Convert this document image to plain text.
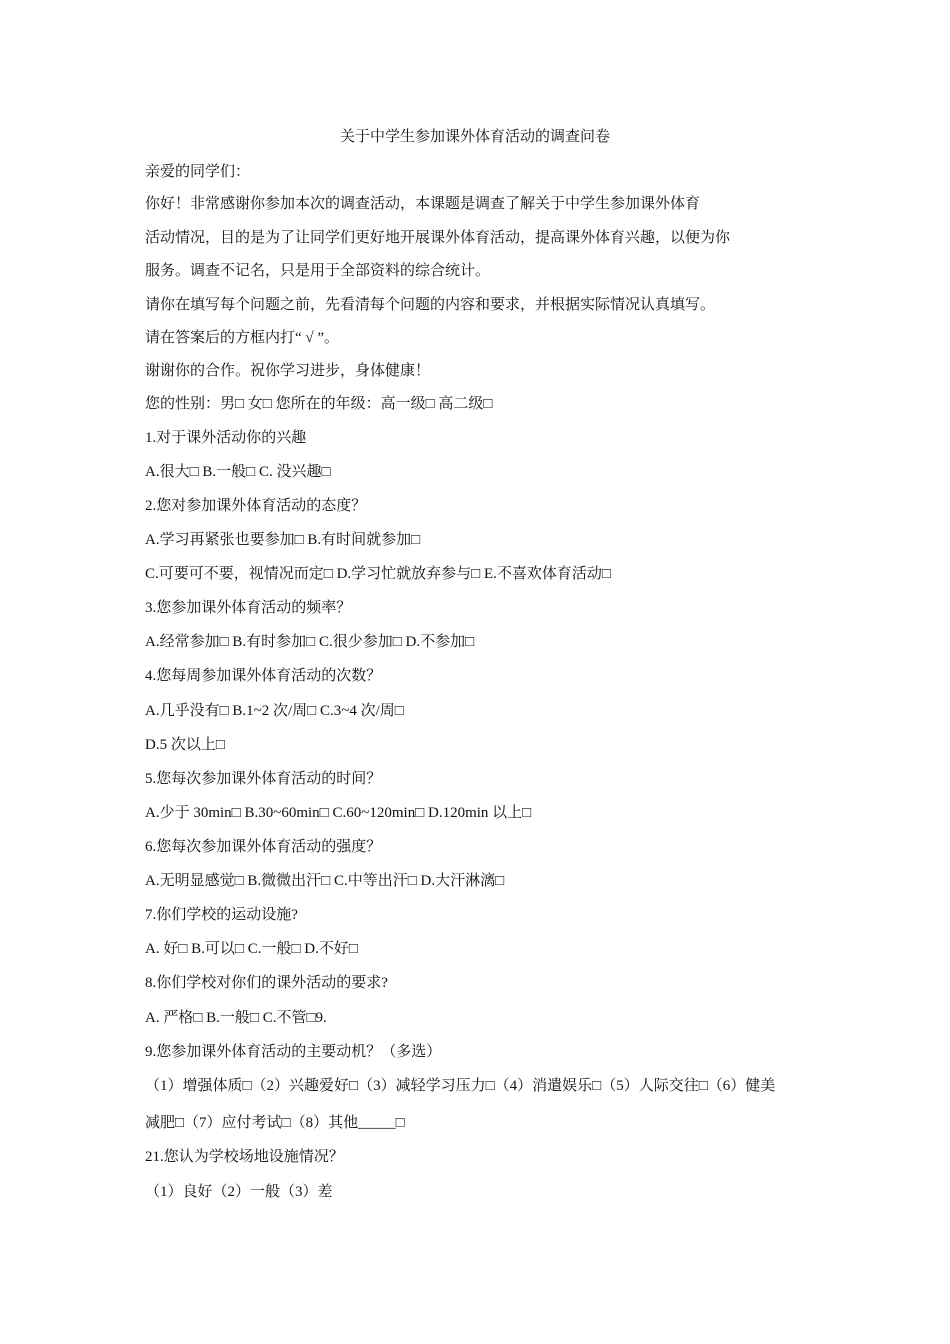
关于中学生参加课外体育活动的调查问卷
亲爱的同学们：
你好！非常感谢你参加本次的调查活动，本课题是调查了解关于中学生参加课外体育
活动情况，目的是为了让同学们更好地开展课外体育活动，提高课外体育兴趣，以便为你
服务。调查不记名，只是用于全部资料的综合统计。
请你在填写每个问题之前，先看清每个问题的内容和要求，并根据实际情况认真填写。
请在答案后的方框内打“ √ ”。
谢谢你的合作。祝你学习进步，身体健康！
您的性别：男□ 女□ 您所在的年级：高一级□ 高二级□
1.对于课外活动你的兴趣
A.很大□ B.一般□ C. 没兴趣□
2.您对参加课外体育活动的态度？
A.学习再紧张也要参加□ B.有时间就参加□
C.可要可不要，视情况而定□ D.学习忙就放弃参与□ E.不喜欢体育活动□
3.您参加课外体育活动的频率？
A.经常参加□ B.有时参加□ C.很少参加□ D.不参加□
4.您每周参加课外体育活动的次数？
A.几乎没有□ B.1~2 次/周□ C.3~4 次/周□
D.5 次以上□
5.您每次参加课外体育活动的时间？
A.少于 30min□ B.30~60min□ C.60~120min□ D.120min 以上□
6.您每次参加课外体育活动的强度？
A.无明显感觉□ B.微微出汗□ C.中等出汗□ D.大汗淋漓□
7.你们学校的运动设施?
A. 好□ B.可以□ C.一般□ D.不好□
8.你们学校对你们的课外活动的要求?
A. 严格□ B.一般□ C.不管□9.
9.您参加课外体育活动的主要动机？（多选）
（1）增强体质□（2）兴趣爱好□（3）减轻学习压力□（4）消遣娱乐□（5）人际交往□（6）健美
减肥□（7）应付考试□（8）其他_____□
21.您认为学校场地设施情况？
（1）良好（2）一般（3）差
